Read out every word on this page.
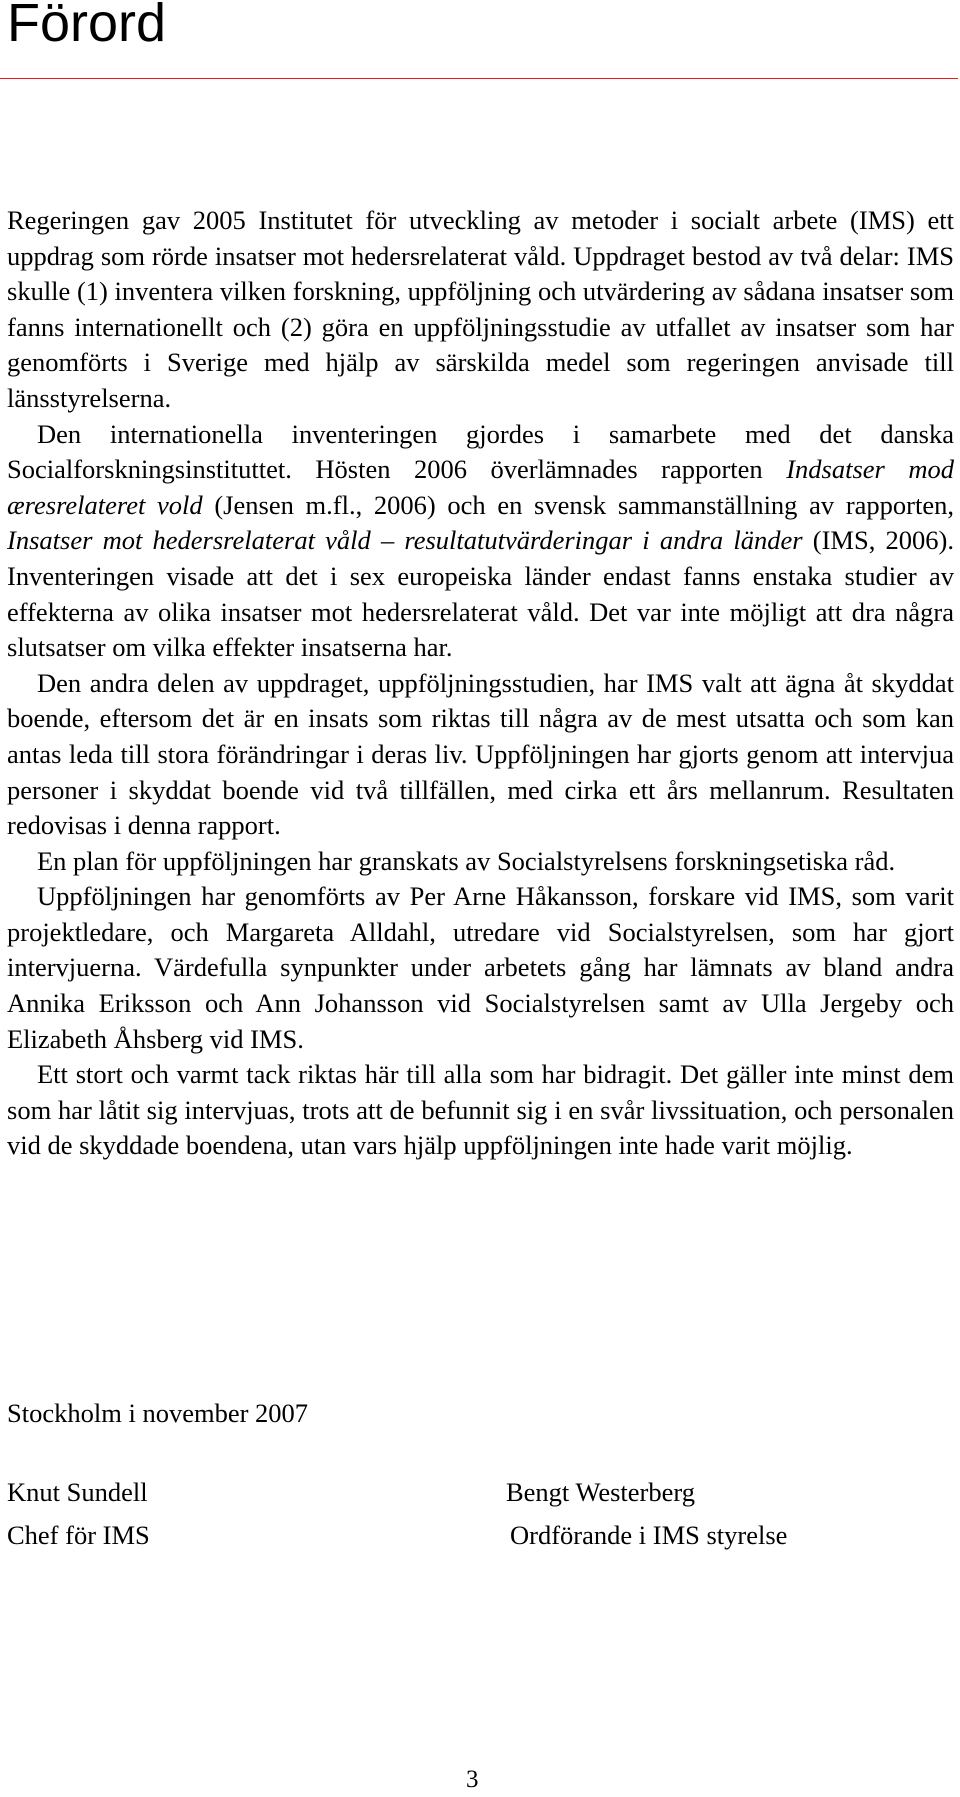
Förord

Regeringen gav 2005 Institutet för utveckling av metoder i socialt arbete (IMS) ett uppdrag som rörde insatser mot hedersrelaterat våld. Uppdraget bestod av två delar: IMS skulle (1) inventera vilken forskning, uppföljning och utvärdering av sådana insatser som fanns internationellt och (2) göra en uppföljningsstudie av utfallet av insatser som har genomförts i Sverige med hjälp av särskilda medel som regeringen anvisade till länsstyrelserna.

Den internationella inventeringen gjordes i samarbete med det danska Socialforskningsinstituttet. Hösten 2006 överlämnades rapporten Indsatser mod æresrelateret vold (Jensen m.fl., 2006) och en svensk sammanställning av rapporten, Insatser mot hedersrelaterat våld – resultatutvärderingar i andra länder (IMS, 2006). Inventeringen visade att det i sex europeiska länder endast fanns enstaka studier av effekterna av olika insatser mot hedersrelaterat våld. Det var inte möjligt att dra några slutsatser om vilka effekter insatserna har.

Den andra delen av uppdraget, uppföljningsstudien, har IMS valt att ägna åt skyddat boende, eftersom det är en insats som riktas till några av de mest utsatta och som kan antas leda till stora förändringar i deras liv. Uppföljningen har gjorts genom att intervjua personer i skyddat boende vid två tillfällen, med cirka ett års mellanrum. Resultaten redovisas i denna rapport.

En plan för uppföljningen har granskats av Socialstyrelsens forskningsetiska råd.

Uppföljningen har genomförts av Per Arne Håkansson, forskare vid IMS, som varit projektledare, och Margareta Alldahl, utredare vid Socialstyrelsen, som har gjort intervjuerna. Värdefulla synpunkter under arbetets gång har lämnats av bland andra Annika Eriksson och Ann Johansson vid Socialstyrelsen samt av Ulla Jergeby och Elizabeth Åhsberg vid IMS.

Ett stort och varmt tack riktas här till alla som har bidragit. Det gäller inte minst dem som har låtit sig intervjuas, trots att de befunnit sig i en svår livssituation, och personalen vid de skyddade boendena, utan vars hjälp uppföljningen inte hade varit möjlig.

Stockholm i november 2007
Knut Sundell
Chef för IMS
Bengt Westerberg
Ordförande i IMS styrelse
3
